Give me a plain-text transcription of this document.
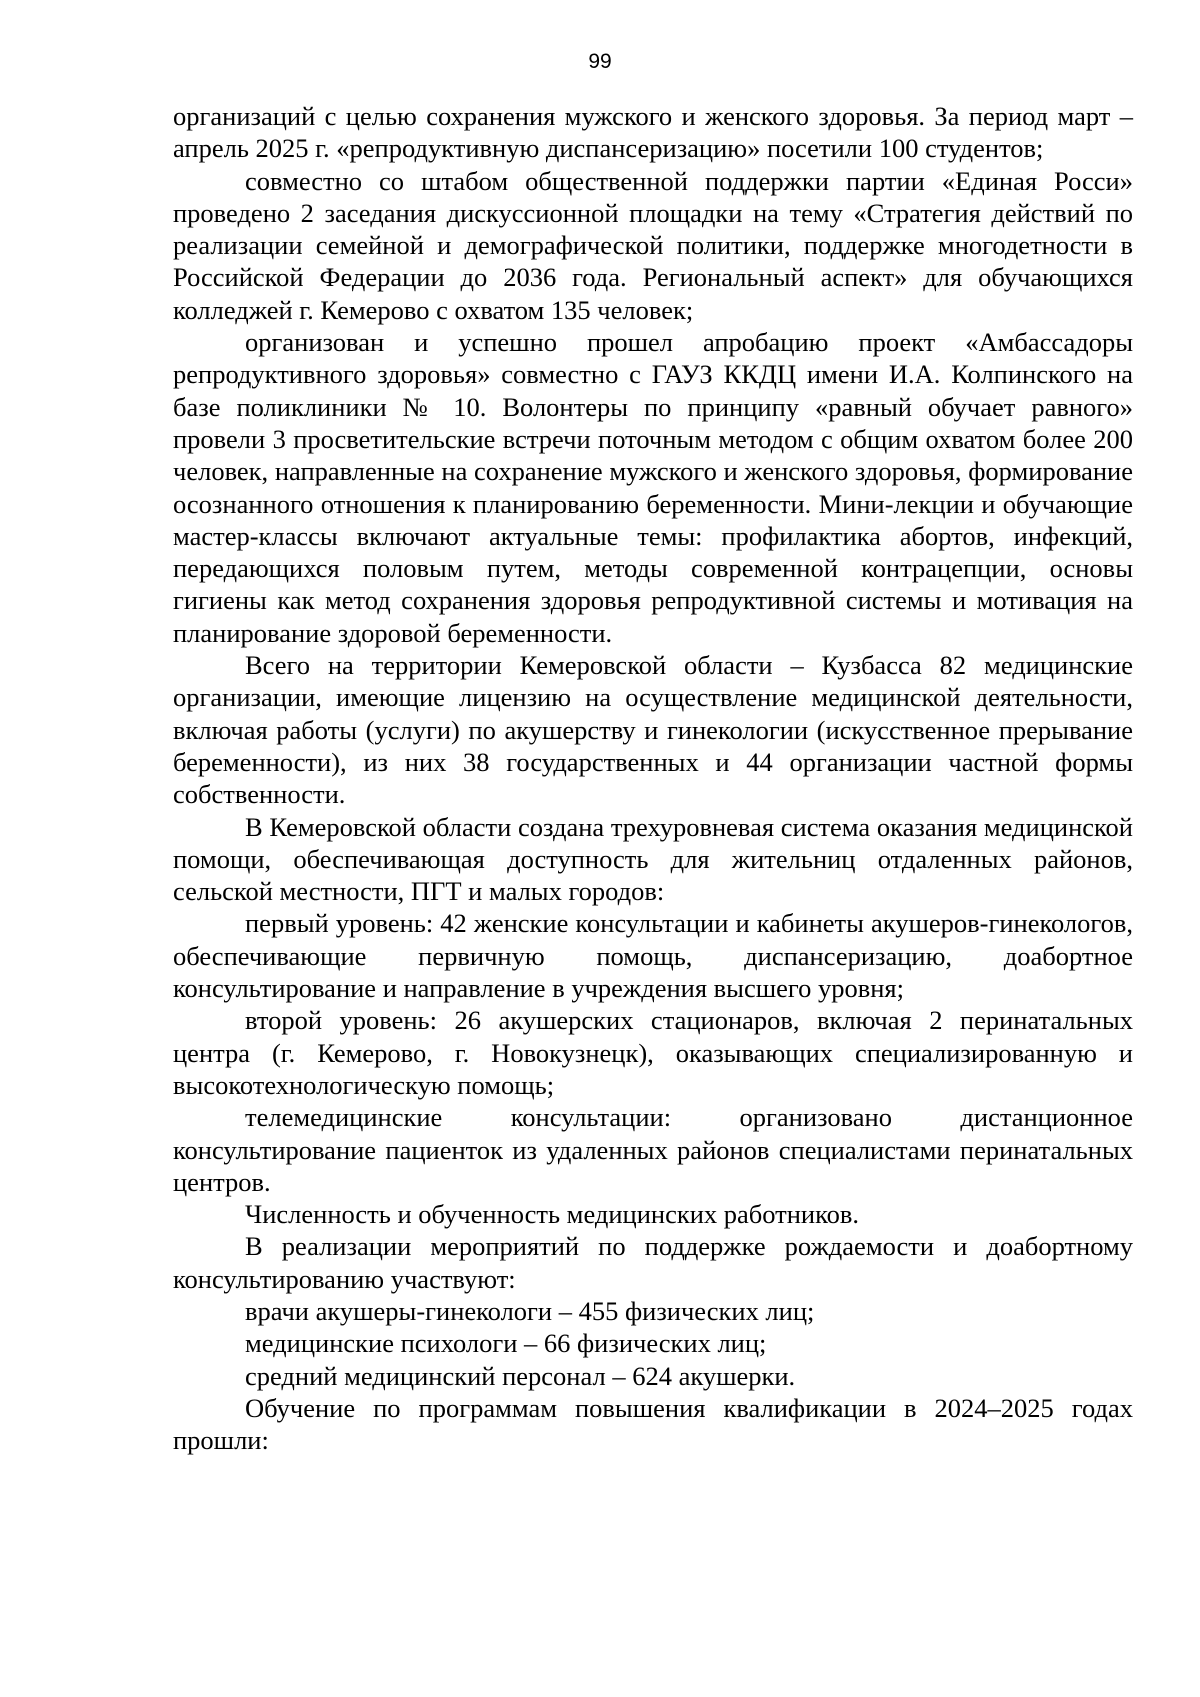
99

организаций с целью сохранения мужского и женского здоровья. За период март – апрель 2025 г. «репродуктивную диспансеризацию» посетили 100 студентов;

совместно со штабом общественной поддержки партии «Единая Росси» проведено 2 заседания дискуссионной площадки на тему «Стратегия действий по реализации семейной и демографической политики, поддержке многодетности в Российской Федерации до 2036 года. Региональный аспект» для обучающихся колледжей г. Кемерово с охватом 135 человек;

организован и успешно прошел апробацию проект «Амбассадоры репродуктивного здоровья» совместно с ГАУЗ ККДЦ имени И.А. Колпинского на базе поликлиники № 10. Волонтеры по принципу «равный обучает равного» провели 3 просветительские встречи поточным методом с общим охватом более 200 человек, направленные на сохранение мужского и женского здоровья, формирование осознанного отношения к планированию беременности. Мини-лекции и обучающие мастер-классы включают актуальные темы: профилактика абортов, инфекций, передающихся половым путем, методы современной контрацепции, основы гигиены как метод сохранения здоровья репродуктивной системы и мотивация на планирование здоровой беременности.

Всего на территории Кемеровской области – Кузбасса 82 медицинские организации, имеющие лицензию на осуществление медицинской деятельности, включая работы (услуги) по акушерству и гинекологии (искусственное прерывание беременности), из них 38 государственных и 44 организации частной формы собственности.

В Кемеровской области создана трехуровневая система оказания медицинской помощи, обеспечивающая доступность для жительниц отдаленных районов, сельской местности, ПГТ и малых городов:

первый уровень: 42 женские консультации и кабинеты акушеров-гинекологов, обеспечивающие первичную помощь, диспансеризацию, доабортное консультирование и направление в учреждения высшего уровня;

второй уровень: 26 акушерских стационаров, включая 2 перинатальных центра (г. Кемерово, г. Новокузнецк), оказывающих специализированную и высокотехнологическую помощь;

телемедицинские консультации: организовано дистанционное консультирование пациенток из удаленных районов специалистами перинатальных центров.

Численность и обученность медицинских работников.

В реализации мероприятий по поддержке рождаемости и доабортному консультированию участвуют:

врачи акушеры-гинекологи – 455 физических лиц;

медицинские психологи – 66 физических лиц;

средний медицинский персонал – 624 акушерки.

Обучение по программам повышения квалификации в 2024–2025 годах прошли:
